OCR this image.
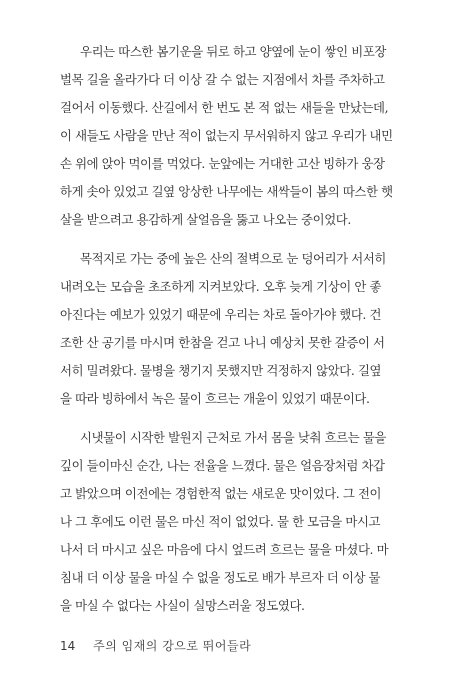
우리는 따스한 봄기운을 뒤로 하고 양옆에 눈이 쌓인 비포장
벌목 길을 올라가다 더 이상 갈 수 없는 지점에서 차를 주차하고
걸어서 이동했다. 산길에서 한 번도 본 적 없는 새들을 만났는데,
이 새들도 사람을 만난 적이 없는지 무서워하지 않고 우리가 내민
손 위에 앉아 먹이를 먹었다. 눈앞에는 거대한 고산 빙하가 웅장
하게 솟아 있었고 길옆 앙상한 나무에는 새싹들이 봄의 따스한 햇
살을 받으려고 용감하게 살얼음을 뚫고 나오는 중이었다.
목적지로 가는 중에 높은 산의 절벽으로 눈 덩어리가 서서히
내려오는 모습을 초조하게 지켜보았다. 오후 늦게 기상이 안 좋
아진다는 예보가 있었기 때문에 우리는 차로 돌아가야 했다. 건
조한 산 공기를 마시며 한참을 걷고 나니 예상치 못한 갈증이 서
서히 밀려왔다. 물병을 챙기지 못했지만 걱정하지 않았다. 길옆
을 따라 빙하에서 녹은 물이 흐르는 개울이 있었기 때문이다.
시냇물이 시작한 발원지 근처로 가서 몸을 낮춰 흐르는 물을
깊이 들이마신 순간, 나는 전율을 느꼈다. 물은 얼음장처럼 차갑
고 밝았으며 이전에는 경험한적 없는 새로운 맛이었다. 그 전이
나 그 후에도 이런 물은 마신 적이 없었다. 물 한 모금을 마시고
나서 더 마시고 싶은 마음에 다시 엎드려 흐르는 물을 마셨다. 마
침내 더 이상 물을 마실 수 없을 정도로 배가 부르자 더 이상 물
을 마실 수 없다는 사실이 실망스러울 정도였다.
14 주의 임재의 강으로 뛰어들라
